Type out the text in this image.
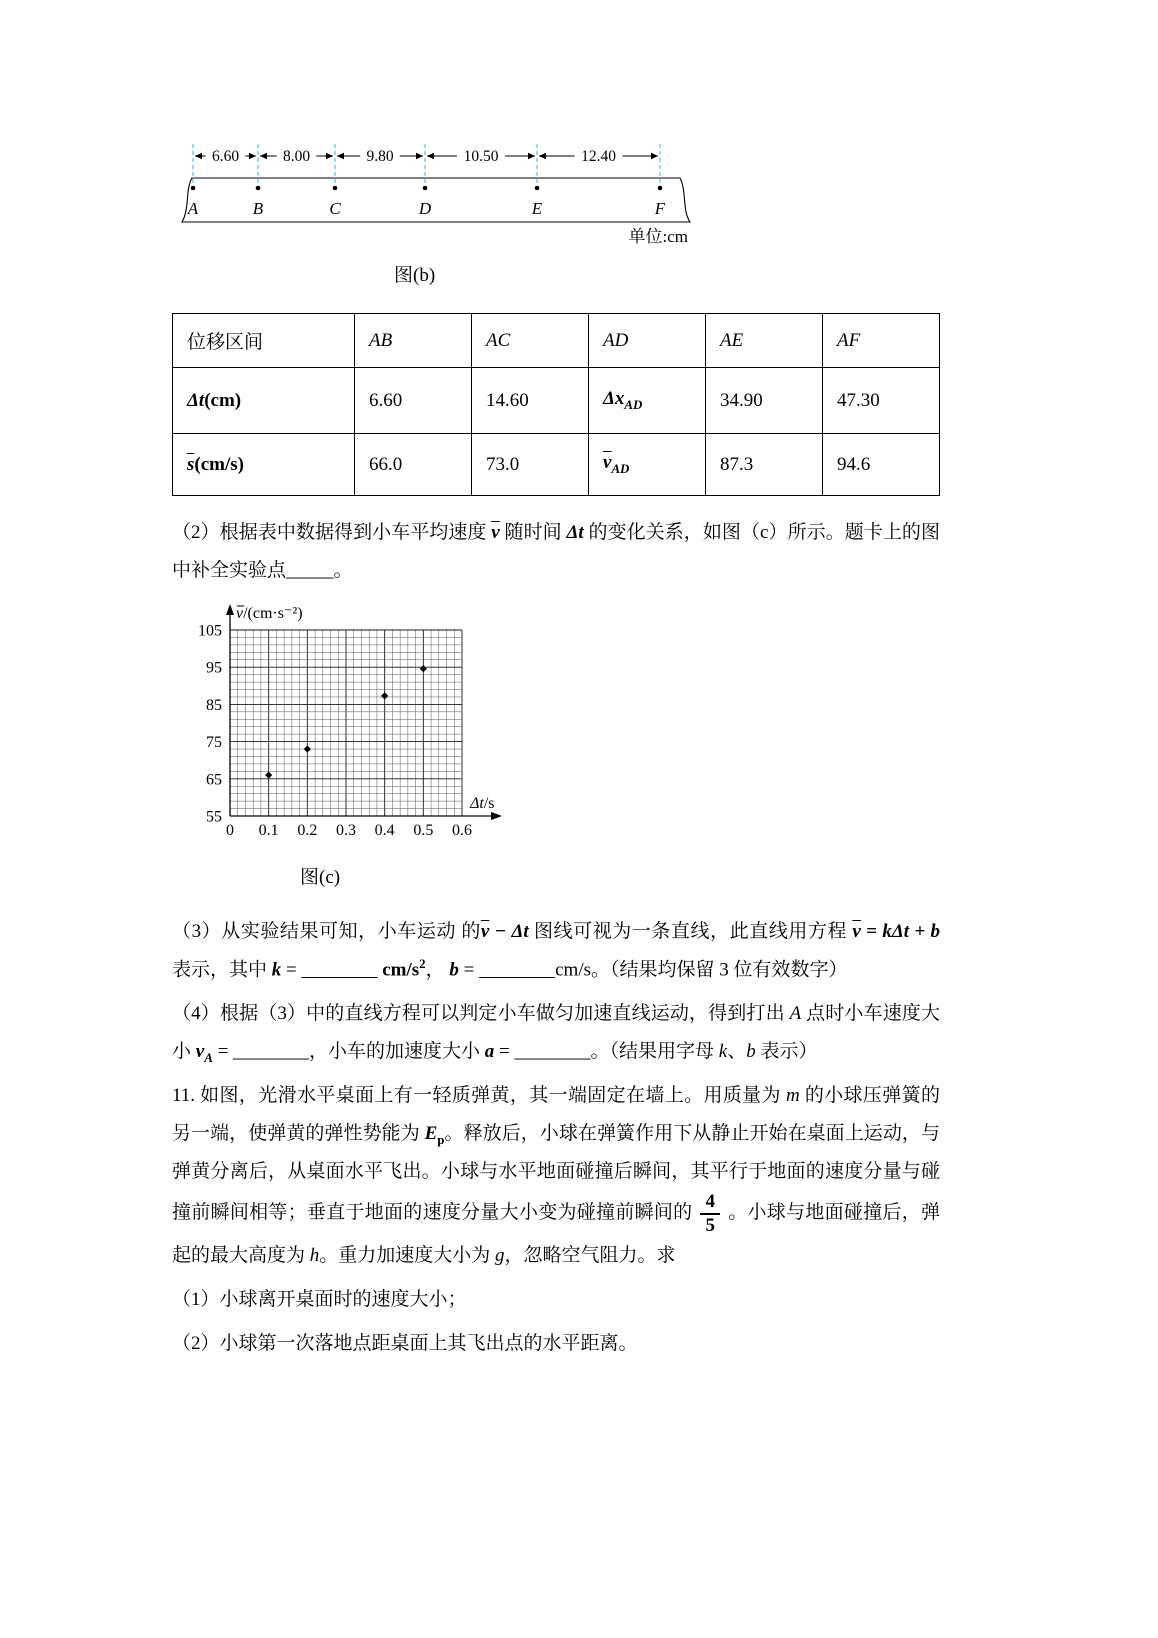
A	B	C	D	E	F
6.60	8.00	9.80	10.50	12.40
单位:cm
图(b)
位移区间	AB	AC	AD	AE	AF
Δt(cm)	6.60	14.60	$\Delta x_{AD}$	34.90	47.30
$\overline{s}(cm/s)$	66.0	73.0	$\overline{v}_{AD}$	87.3	94.6

（2）根据表中数据得到小车平均速度 $\overline{v}$ 随时间 Δt 的变化关系，如图（c）所示。题卡上的图中补全实验点_____。

105
95
85
75
65
55
0 0.1 0.2 0.3 0.4 0.5 0.6
v/(cm·s⁻²)
Δt/s
图(c)

（3）从实验结果可知，小车运动 的$\overline{v} - \Delta t$ 图线可视为一条直线，此直线用方程 $\overline{v} = k\Delta t + b$ 表示，其中 k = ________ $cm/s^2$， b = ________cm/s。（结果均保留 3 位有效数字）

（4）根据（3）中的直线方程可以判定小车做匀加速直线运动，得到打出 A 点时小车速度大小 $v_A$ = ________，小车的加速度大小 a = ________。（结果用字母 k、b 表示）

11. 如图，光滑水平桌面上有一轻质弹黄，其一端固定在墙上。用质量为 m 的小球压弹簧的另一端，使弹黄的弹性势能为 $E_p$。释放后，小球在弹簧作用下从静止开始在桌面上运动，与弹黄分离后，从桌面水平飞出。小球与水平地面碰撞后瞬间，其平行于地面的速度分量与碰撞前瞬间相等；垂直于地面的速度分量大小变为碰撞前瞬间的 $\frac{4}{5}$ 。小球与地面碰撞后，弹起的最大高度为 h。重力加速度大小为 g，忽略空气阻力。求

（1）小球离开桌面时的速度大小；

（2）小球第一次落地点距桌面上其飞出点的水平距离。
